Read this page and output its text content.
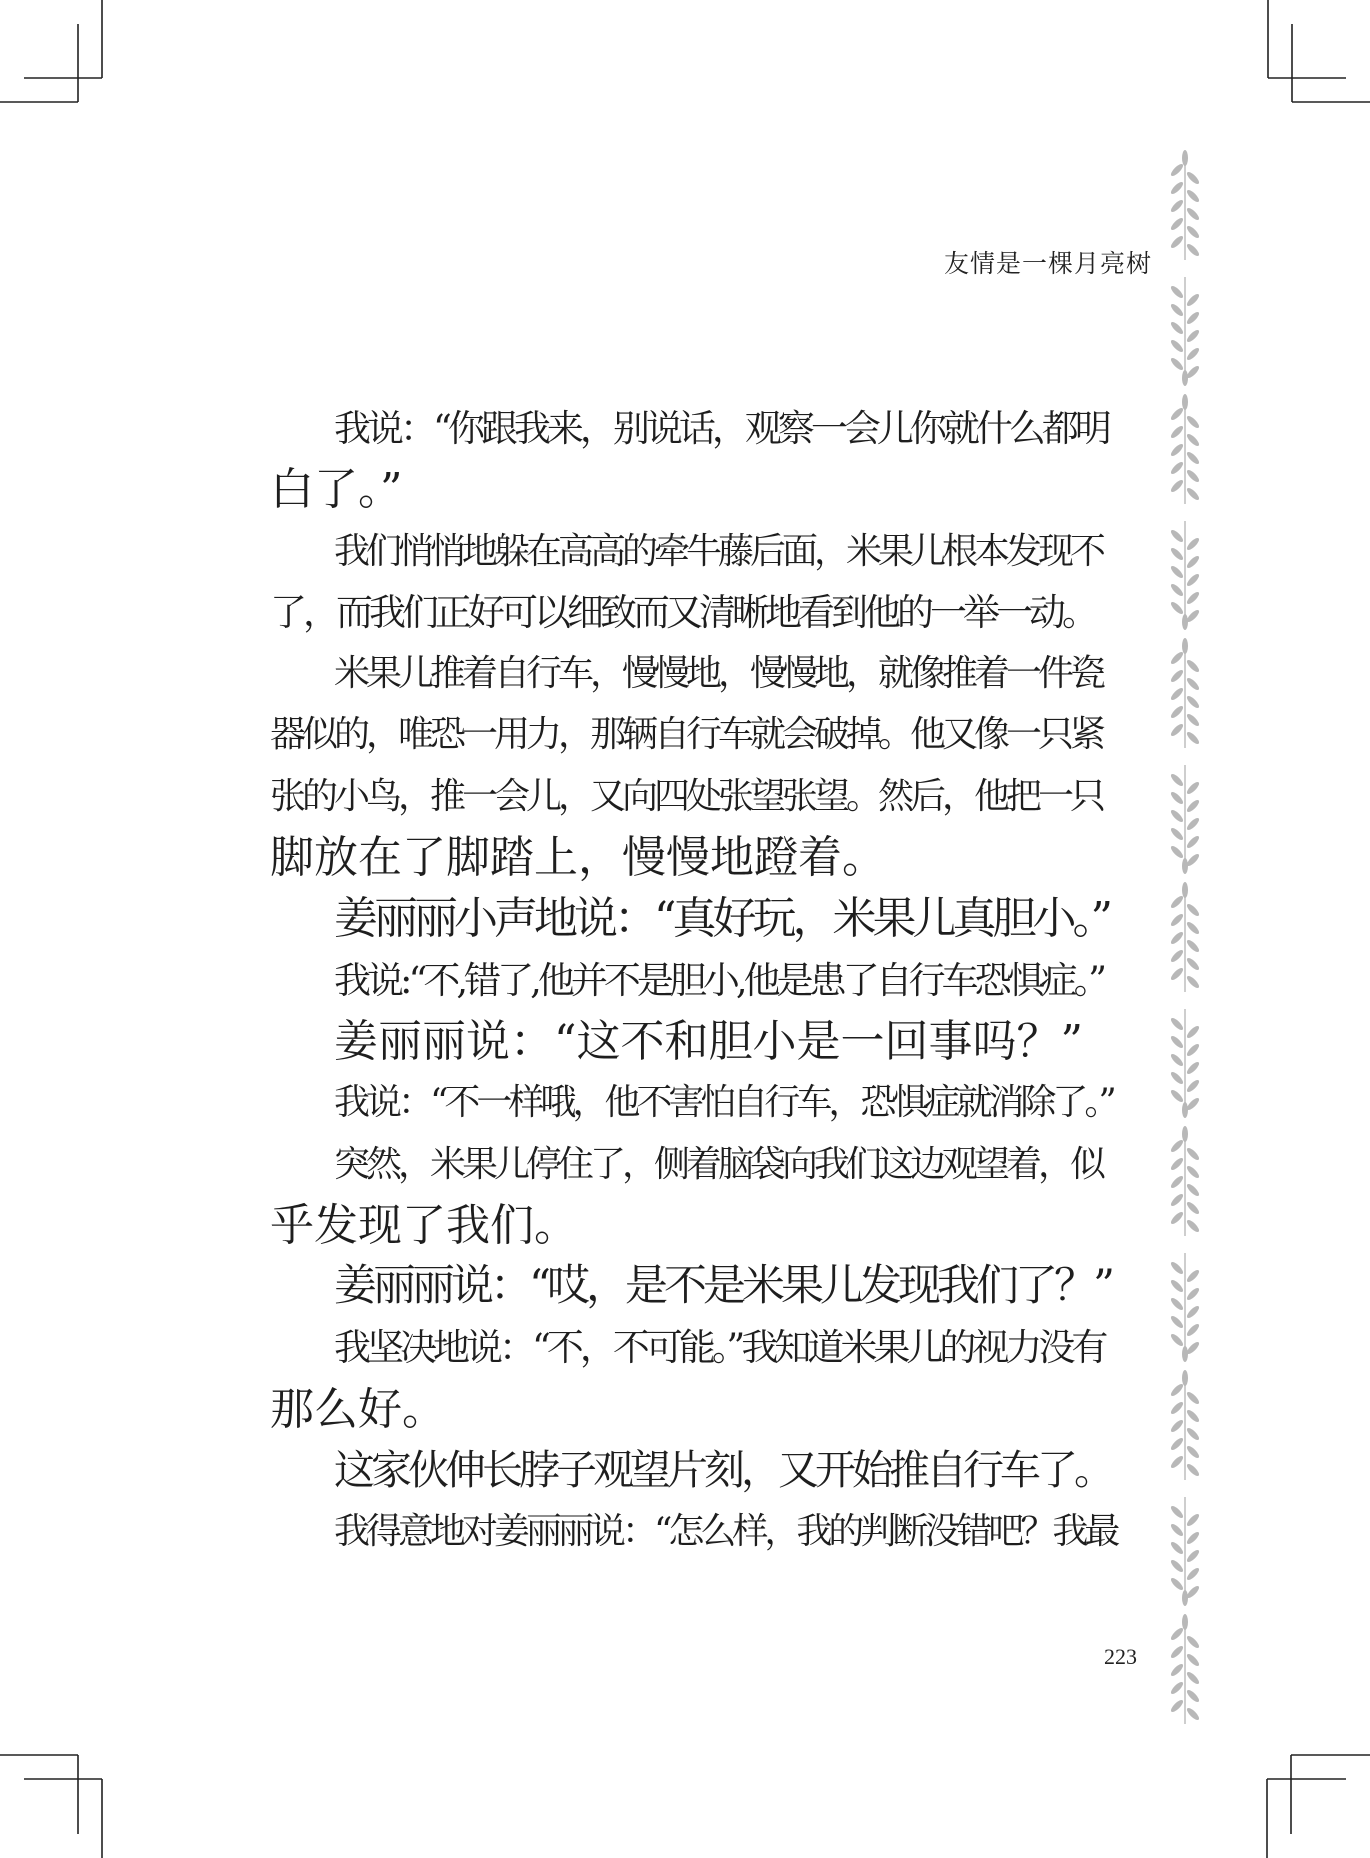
友情是一棵月亮树
我说：“你跟我来，别说话，观察一会儿你就什么都明
白了。”
我们悄悄地躲在高高的牵牛藤后面，米果儿根本发现不
了，而我们正好可以细致而又清晰地看到他的一举一动。
米果儿推着自行车，慢慢地，慢慢地，就像推着一件瓷
器似的，唯恐一用力，那辆自行车就会破掉。他又像一只紧
张的小鸟，推一会儿，又向四处张望张望。然后，他把一只
脚放在了脚踏上，慢慢地蹬着。
姜丽丽小声地说：“真好玩，米果儿真胆小。”
我说:“不,错了,他并不是胆小,他是患了自行车恐惧症。”
姜丽丽说：“这不和胆小是一回事吗？”
我说：“不一样哦，他不害怕自行车，恐惧症就消除了。”
突然，米果儿停住了，侧着脑袋向我们这边观望着，似
乎发现了我们。
姜丽丽说：“哎，是不是米果儿发现我们了？”
我坚决地说：“不，不可能。”我知道米果儿的视力没有
那么好。
这家伙伸长脖子观望片刻，又开始推自行车了。
我得意地对姜丽丽说：“怎么样，我的判断没错吧？我最
223
